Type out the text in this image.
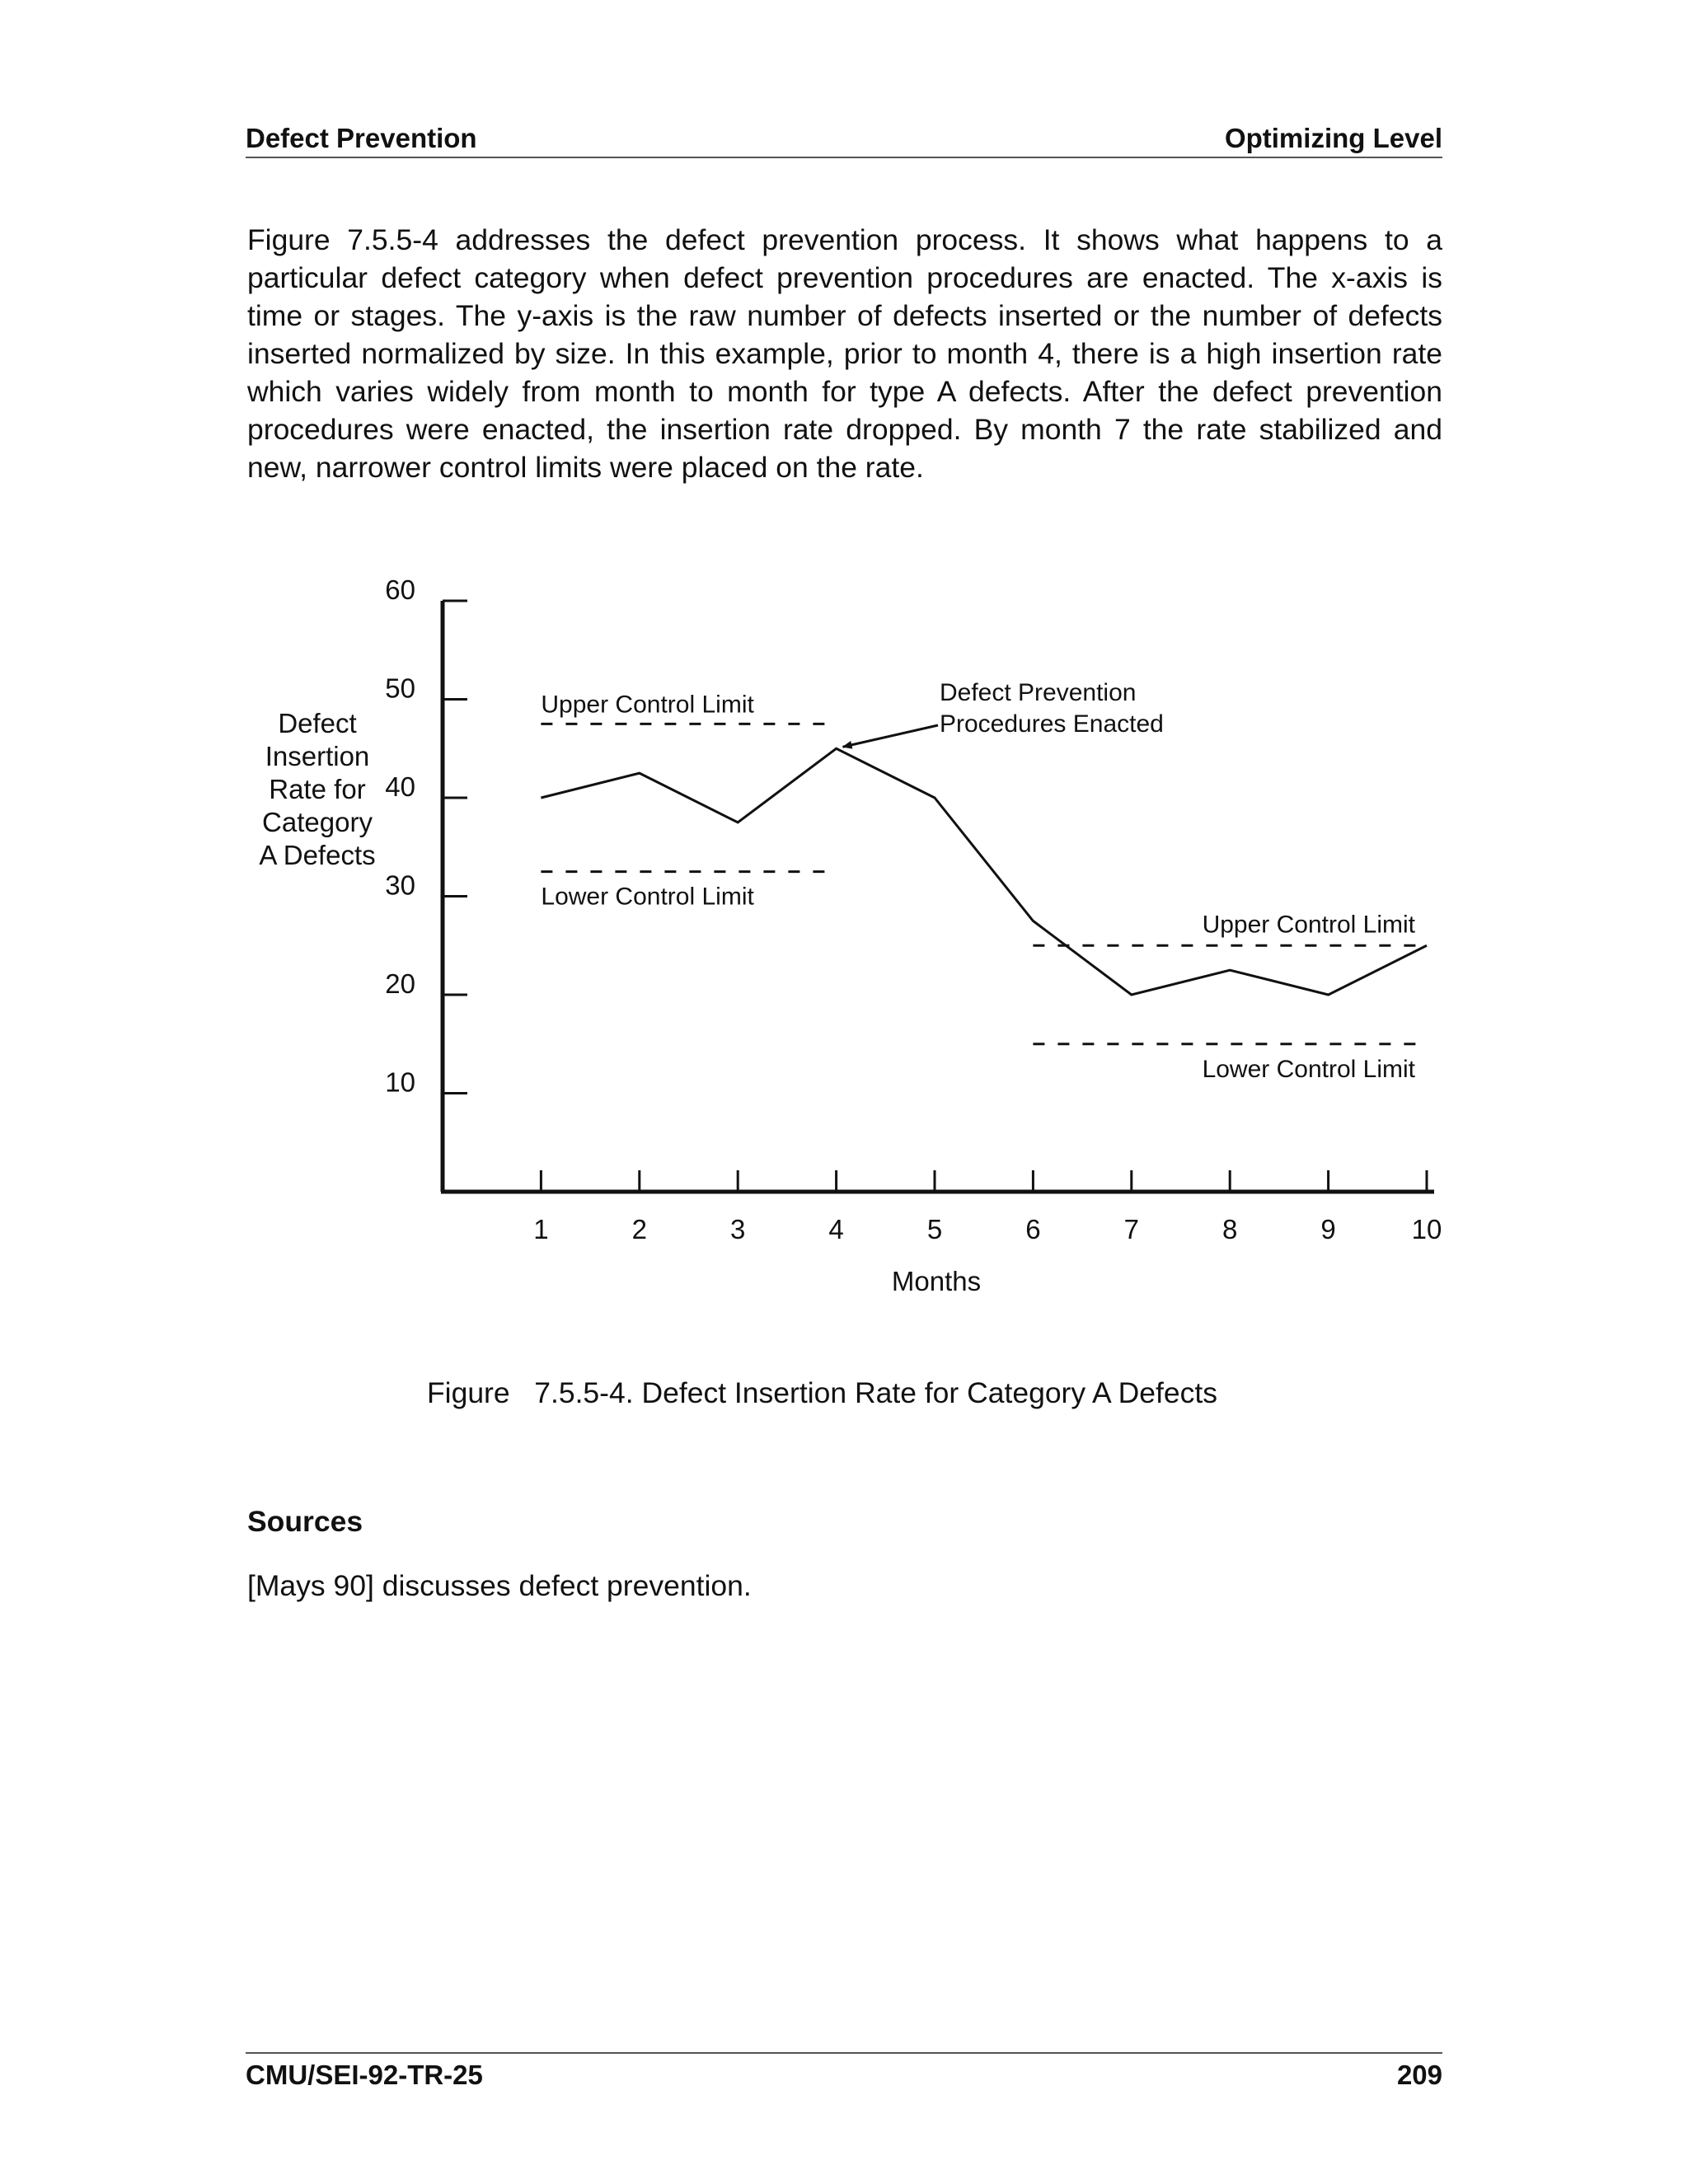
Defect Prevention	Optimizing Level

Figure 7.5.5-4 addresses the defect prevention process. It shows what happens to a particular defect category when defect prevention procedures are enacted. The x-axis is time or stages. The y-axis is the raw number of defects inserted or the number of defects inserted normalized by size. In this example, prior to month 4, there is a high insertion rate which varies widely from month to month for type A defects. After the defect prevention procedures were enacted, the insertion rate dropped. By month 7 the rate stabilized and new, narrower control limits were placed on the rate.

10
20
30
40
50
60
1	2	3	4	5	6	7	8	9	10
Upper Control Limit
Lower Control Limit
Upper Control Limit
Lower Control Limit
Defect Prevention
Procedures Enacted
Defect
Insertion
Rate for
Category
A Defects
Months
Figure   7.5.5-4. Defect Insertion Rate for Category A Defects
Sources

[Mays 90] discusses defect prevention.

CMU/SEI-92-TR-25	209
